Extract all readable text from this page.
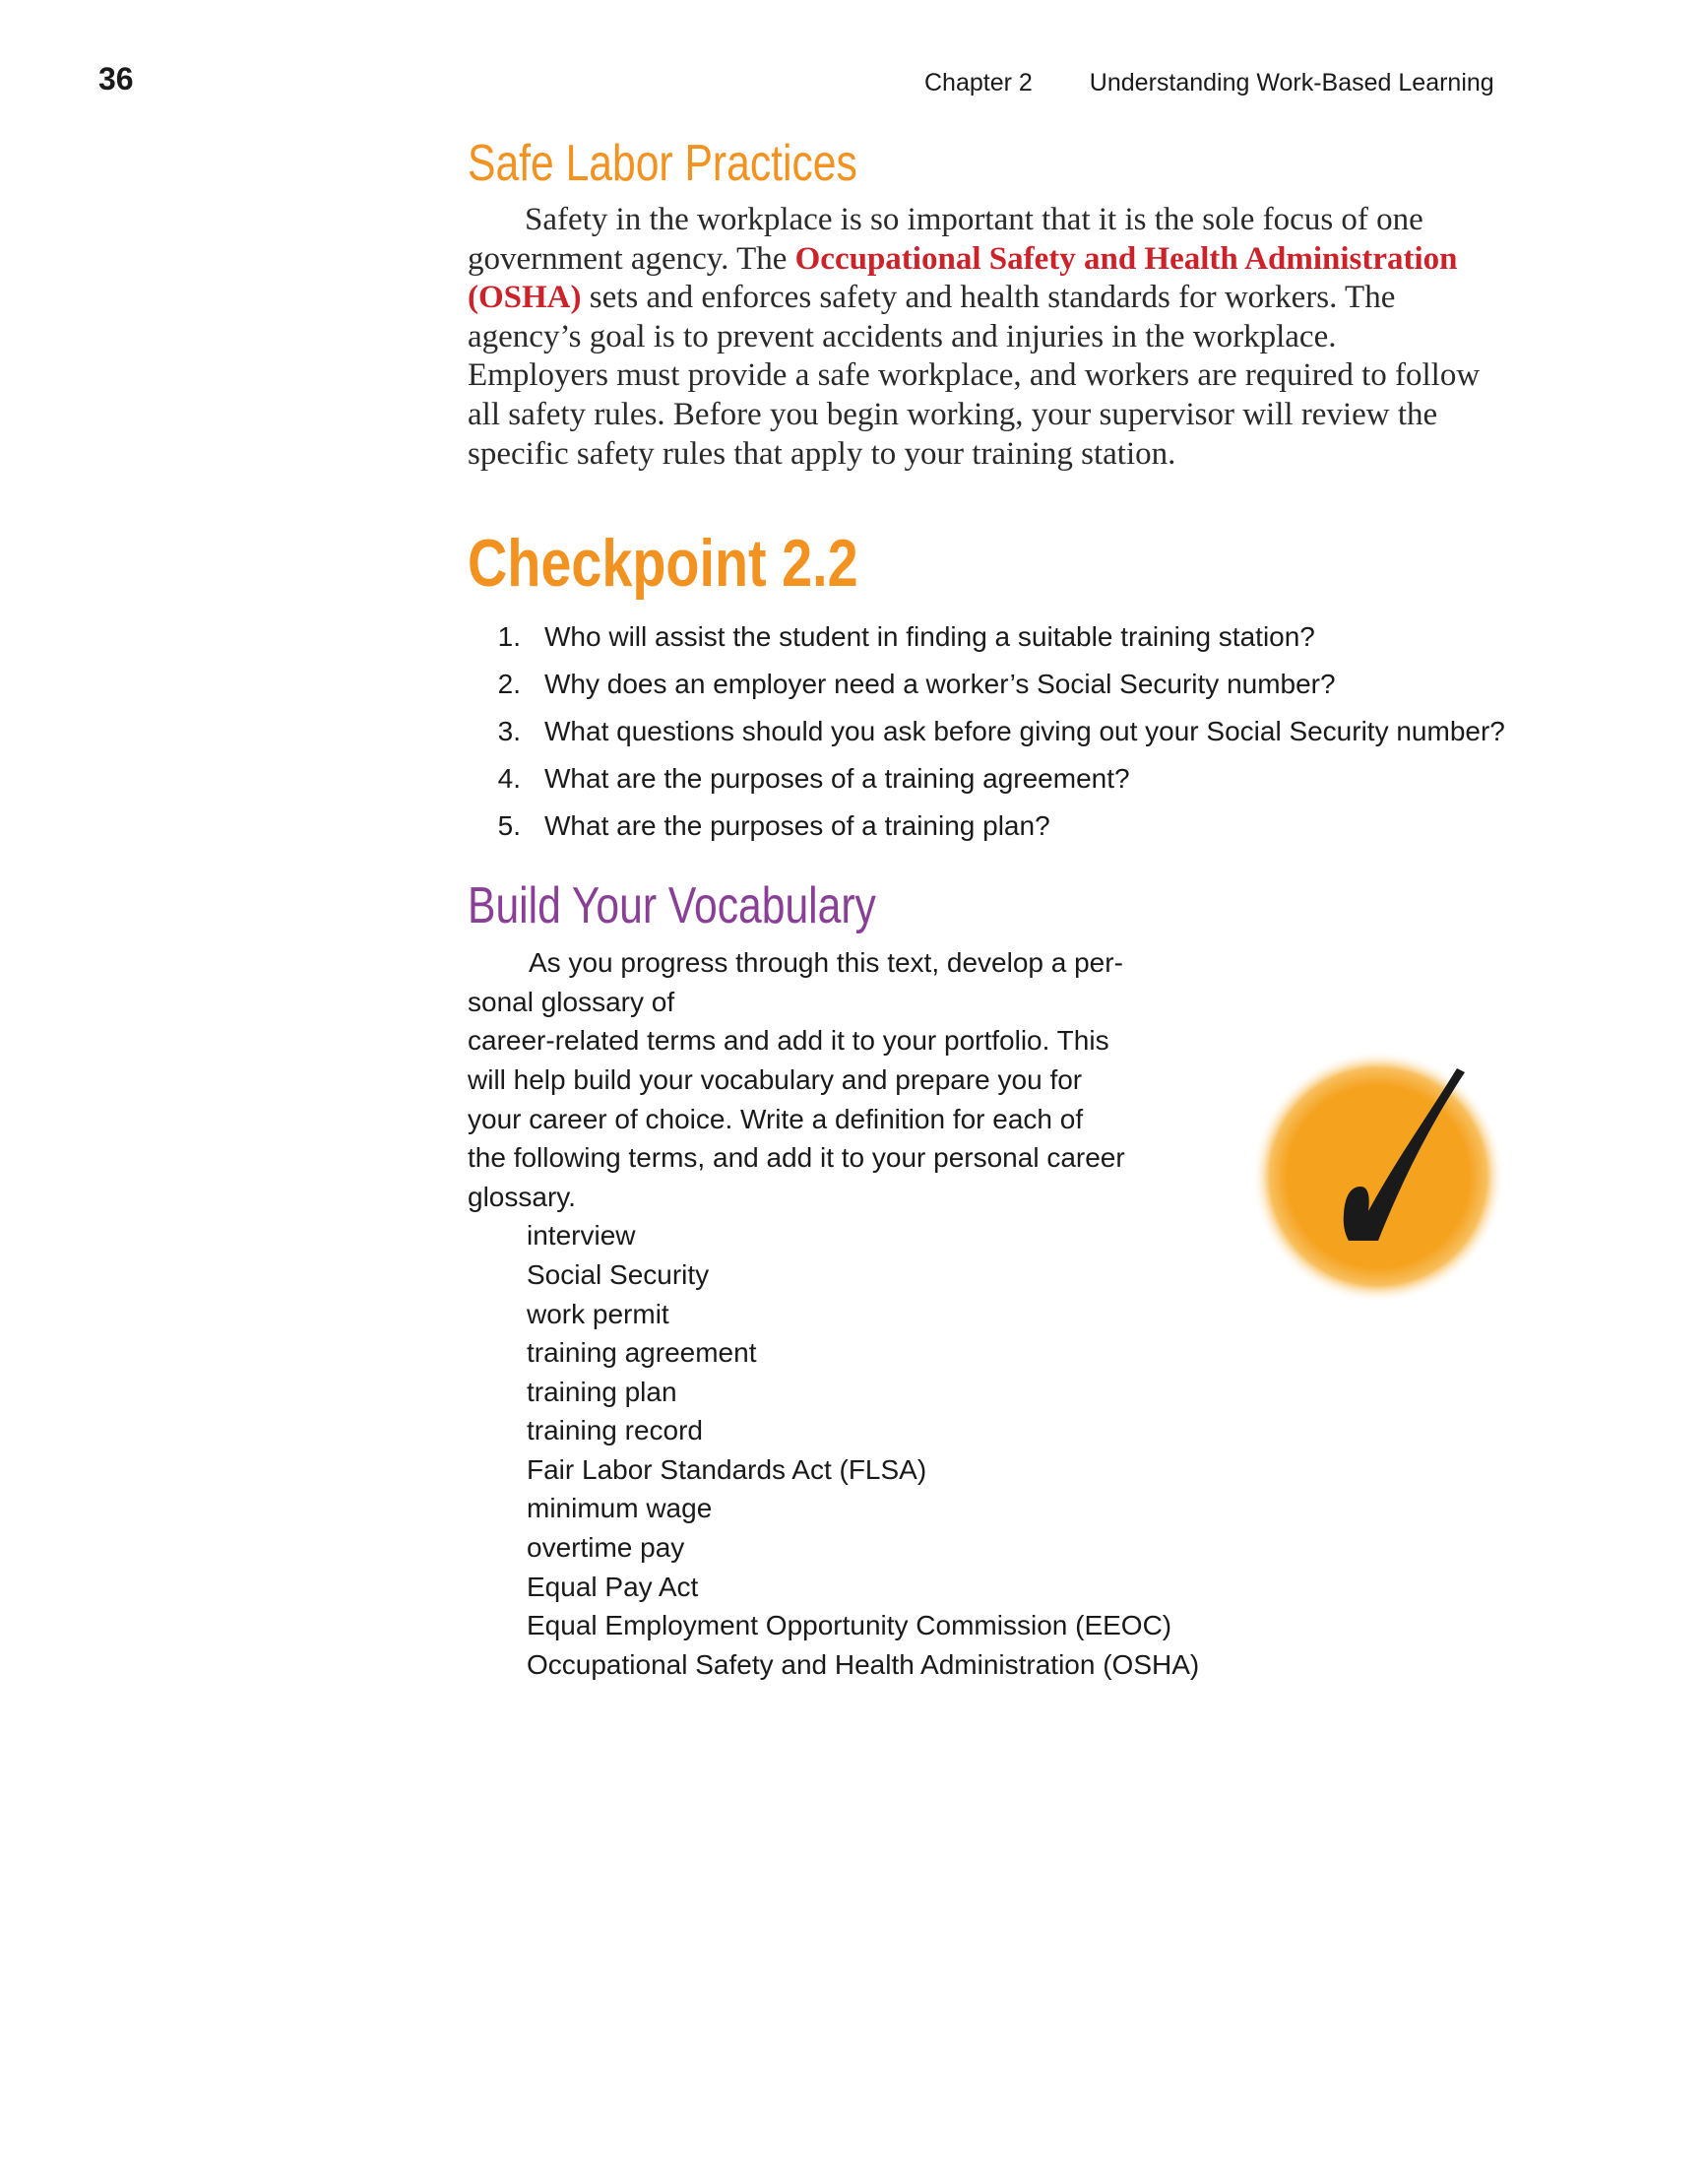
36	Chapter 2 Understanding Work-Based Learning
Safe Labor Practices

Safety in the workplace is so important that it is the sole focus of one government agency. The Occupational Safety and Health Administration (OSHA) sets and enforces safety and health standards for workers. The agency’s goal is to prevent accidents and injuries in the workplace. Employers must provide a safe workplace, and workers are required to follow all safety rules. Before you begin working, your supervisor will review the specific safety rules that apply to your training station.

Checkpoint 2.2
1. Who will assist the student in finding a suitable training station?
2. Why does an employer need a worker’s Social Security number?
3. What questions should you ask before giving out your Social Security number?
4. What are the purposes of a training agreement?
5. What are the purposes of a training plan?
Build Your Vocabulary

As you progress through this text, develop a per-
sonal glossary of
career-related terms and add it to your portfolio. This
will help build your vocabulary and prepare you for
your career of choice. Write a definition for each of
the following terms, and add it to your personal career
glossary.

interview
Social Security
work permit
training agreement
training plan
training record
Fair Labor Standards Act (FLSA)
minimum wage
overtime pay
Equal Pay Act
Equal Employment Opportunity Commission (EEOC)
Occupational Safety and Health Administration (OSHA)
